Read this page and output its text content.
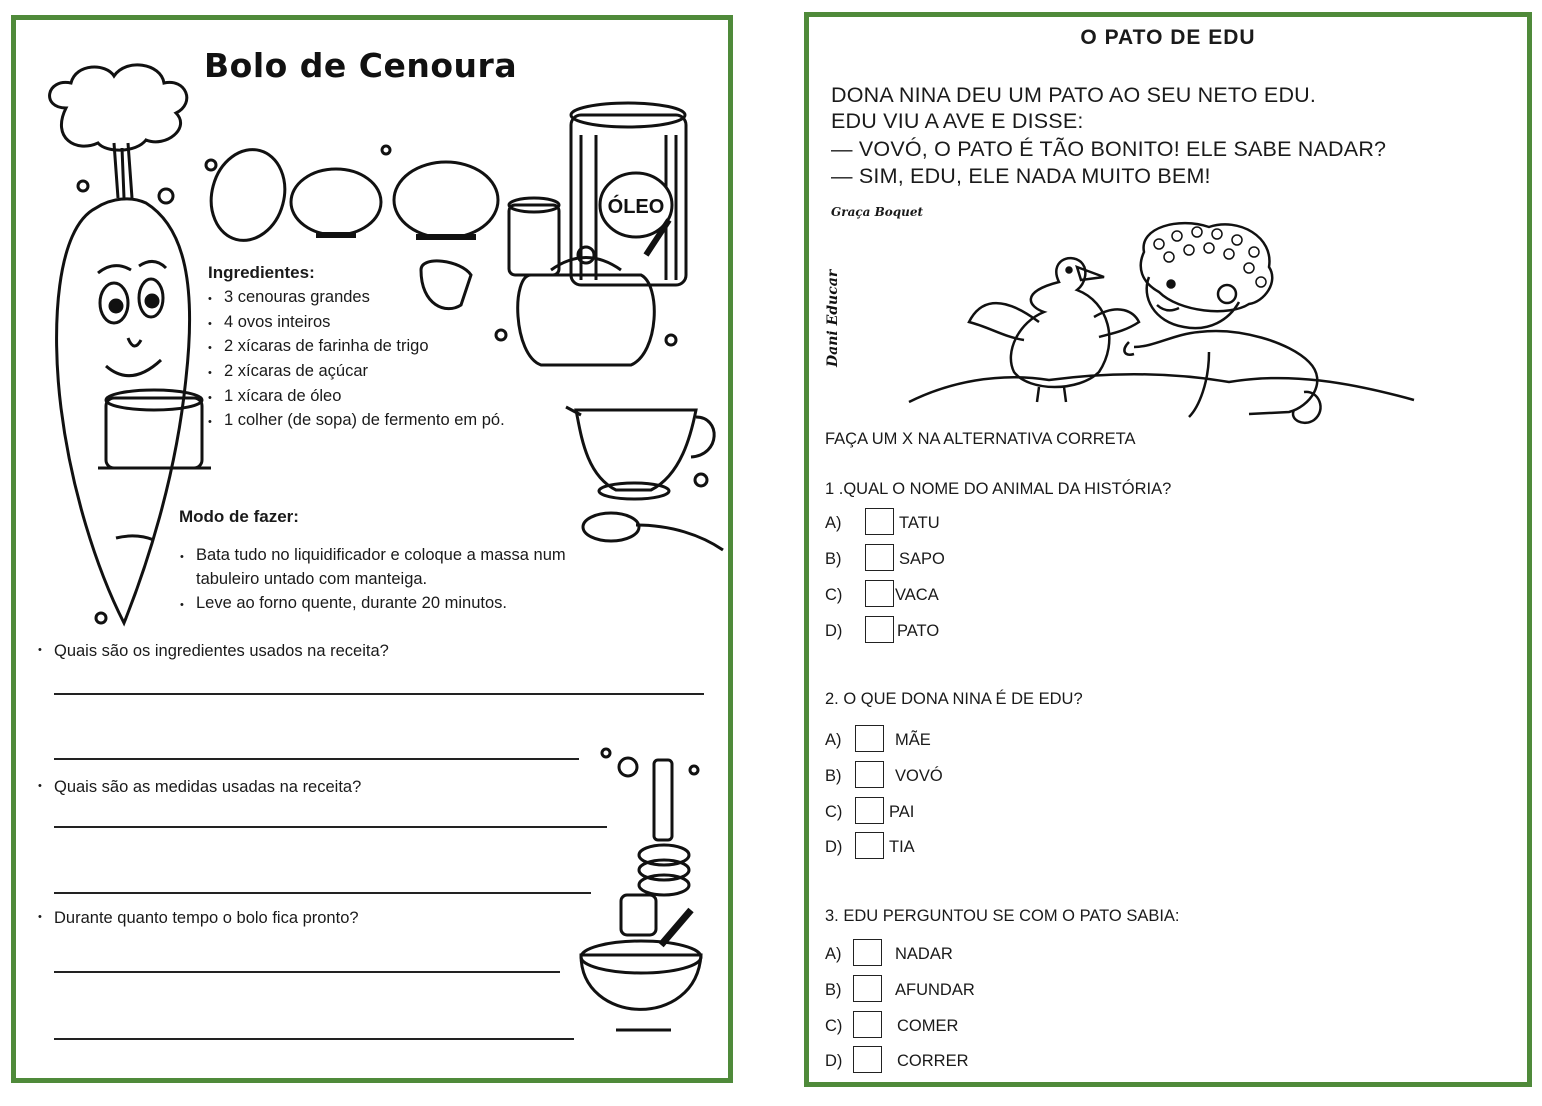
Bolo de Cenoura
ÓLEO
Ingredientes:
• 3 cenouras grandes
• 4 ovos inteiros
• 2 xícaras de farinha de trigo
• 2 xícaras de açúcar
• 1 xícara de óleo
• 1 colher (de sopa) de fermento em pó.
Modo de fazer:
• Bata tudo no liquidificador e coloque a massa num tabuleiro untado com manteiga.
• Leve ao forno quente, durante 20 minutos.
• Quais são os ingredientes usados na receita?
• Quais são as medidas usadas na receita?
• Durante quanto tempo o bolo fica pronto?
O PATO DE EDU
DONA NINA DEU UM PATO AO SEU NETO EDU.
EDU VIU A AVE E DISSE:
— VOVÓ, O PATO É TÃO BONITO! ELE SABE NADAR?
— SIM, EDU, ELE NADA MUITO BEM!
Graça Boquet
Dani Educar
FAÇA UM X NA ALTERNATIVA CORRETA
1 .QUAL O NOME DO ANIMAL DA HISTÓRIA?
A)	TATU
B)	SAPO
C)	VACA
D)	PATO
2. O QUE DONA NINA É DE EDU?
A)	MÃE
B)	VOVÓ
C)	PAI
D)	TIA
3. EDU PERGUNTOU SE COM O PATO SABIA:
A)	NADAR
B)	AFUNDAR
C)	COMER
D)	CORRER
